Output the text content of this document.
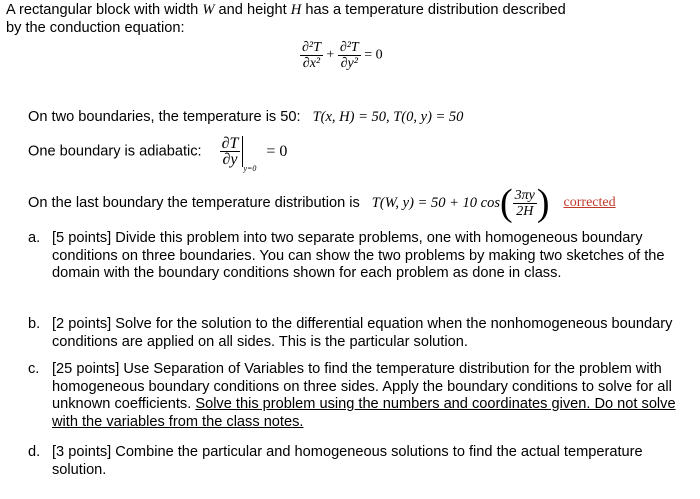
A rectangular block with width W and height H has a temperature distribution described
by the conduction equation:
$\frac{\text{∂²T}}{\text{∂x²}} + \frac{\text{∂²T}}{\text{∂y²}} = 0$
On two boundaries, the temperature is 50: T(x, H) = 50, T(0, y) = 50
One boundary is adiabatic: $\frac{\partial T}{\partial y}$
$_{y=0}$ = 0
On the last boundary the temperature distribution is T(W, y) = 50 + 10 $\cos( \frac{3\pi y}{2H}$ ) corrected
a. [5 points] Divide this problem into two separate problems, one with homogeneous boundary conditions on three boundaries. You can show the two problems by making two sketches of the domain with the boundary conditions shown for each problem as done in class.
b. [2 points] Solve for the solution to the differential equation when the nonhomogeneous boundary conditions are applied on all sides. This is the particular solution.
c. [25 points] Use Separation of Variables to find the temperature distribution for the problem with homogeneous boundary conditions on three sides. Apply the boundary conditions to solve for all unknown coefficients. Solve this problem using the numbers and coordinates given. Do not solve with the variables from the class notes.
d. [3 points] Combine the particular and homogeneous solutions to find the actual temperature solution.
